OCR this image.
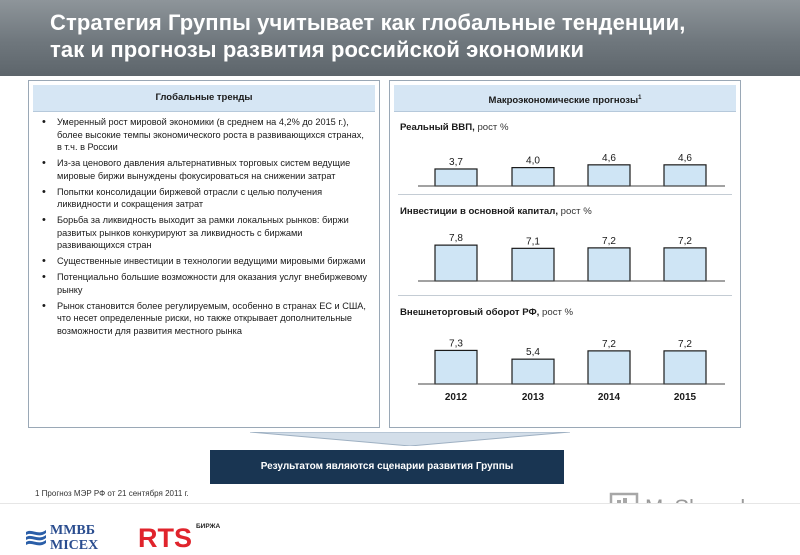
Стратегия Группы учитывает как глобальные тенденции,
так и прогнозы развития российской экономики
Глобальные тренды
• Умеренный рост мировой экономики (в среднем на 4,2% до 2015 г.), более высокие темпы экономического роста в развивающихся странах, в т.ч. в России
• Из-за ценового давления альтернативных торговых систем ведущие мировые биржи вынуждены фокусироваться на снижении затрат
• Попытки консолидации биржевой отрасли с целью получения ликвидности и сокращения затрат
• Борьба за ликвидность выходит за рамки локальных рынков: биржи развитых рынков конкурируют за ликвидность с биржами развивающихся стран
• Существенные инвестиции в технологии ведущими мировыми биржами
• Потенциально большие возможности для оказания услуг внебиржевому рынку
• Рынок становится более регулируемым, особенно в странах ЕС и США, что несет определенные риски, но также открывает дополнительные возможности для развития местного рынка
Макроэкономические прогнозы$^1$
Реальный ВВП, рост %
3,7	4,0	4,6	4,6
Инвестиции в основной капитал, рост %
7,8	7,1	7,2	7,2
Внешнеторговый оборот РФ, рост %
7,3
2012
5,4
2013
7,2
2014
7,2
2015
Результатом являются сценарии развития Группы
1 Прогноз МЭР РФ от 21 сентября 2011 г.
ММВБ
MICEX RTS БИРЖА
